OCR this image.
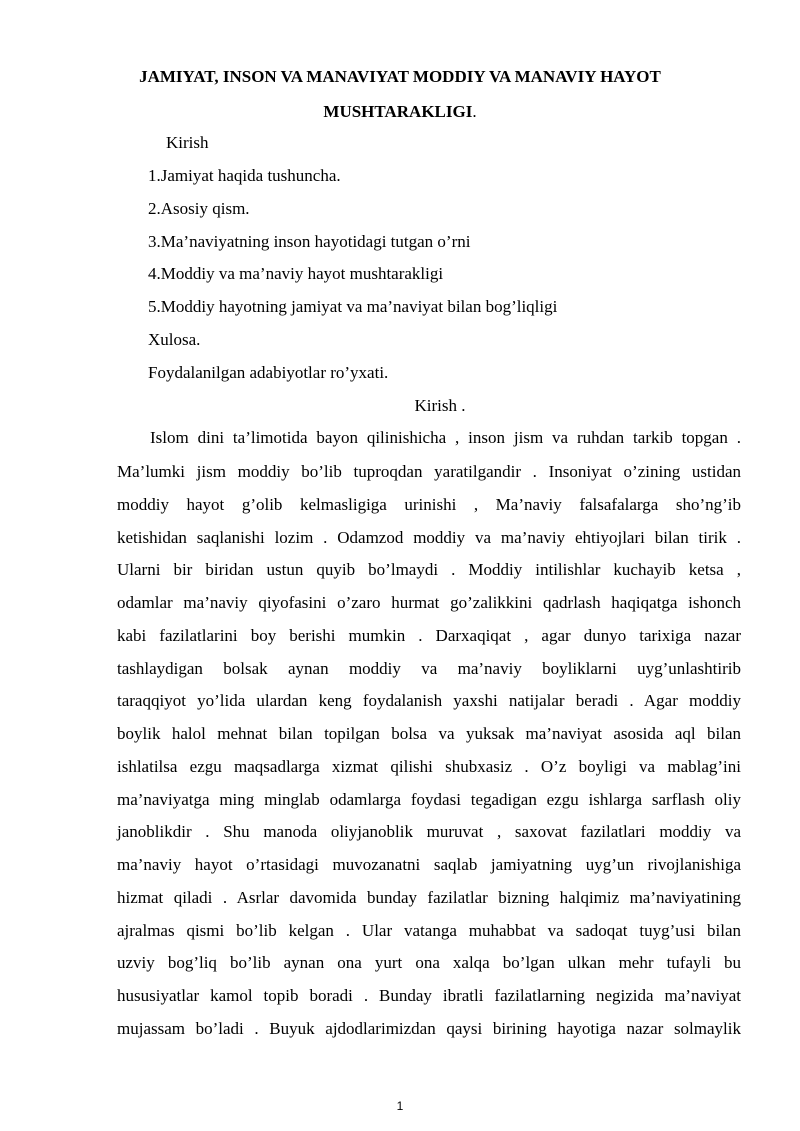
JAMIYAT, INSON VA MANAVIYAT MODDIY VA MANAVIY HAYOT
MUSHTARAKLIGI.
Kirish
1.Jamiyat haqida tushuncha.
2.Asosiy qism.
3.Ma’naviyatning inson hayotidagi tutgan o’rni
4.Moddiy va ma’naviy hayot mushtarakligi
5.Moddiy hayotning jamiyat va ma’naviyat bilan bog’liqligi
Xulosa.
Foydalanilgan adabiyotlar ro’yxati.
Kirish .
Islom dini ta’limotida bayon qilinishicha , inson jism va ruhdan tarkib topgan .
Ma’lumki jism moddiy bo’lib tuproqdan yaratilgandir . Insoniyat o’zining ustidan
moddiy hayot g’olib kelmasligiga urinishi , Ma’naviy falsafalarga sho’ng’ib
ketishidan saqlanishi lozim . Odamzod moddiy va ma’naviy ehtiyojlari bilan tirik .
Ularni bir biridan ustun quyib bo’lmaydi . Moddiy intilishlar kuchayib ketsa ,
odamlar ma’naviy qiyofasini o’zaro hurmat go’zalikkini qadrlash haqiqatga ishonch
kabi fazilatlarini boy berishi mumkin . Darxaqiqat , agar dunyo tarixiga nazar
tashlaydigan bolsak aynan moddiy va ma’naviy boyliklarni uyg’unlashtirib
taraqqiyot yo’lida ulardan keng foydalanish yaxshi natijalar beradi . Agar moddiy
boylik halol mehnat bilan topilgan bolsa va yuksak ma’naviyat asosida aql bilan
ishlatilsa ezgu maqsadlarga xizmat qilishi shubxasiz . O’z boyligi va mablag’ini
ma’naviyatga ming minglab odamlarga foydasi tegadigan ezgu ishlarga sarflash oliy
janoblikdir . Shu manoda oliyjanoblik muruvat , saxovat fazilatlari moddiy va
ma’naviy hayot o’rtasidagi muvozanatni saqlab jamiyatning uyg’un rivojlanishiga
hizmat qiladi . Asrlar davomida bunday fazilatlar bizning halqimiz ma’naviyatining
ajralmas qismi bo’lib kelgan . Ular vatanga muhabbat va sadoqat tuyg’usi bilan
uzviy bog’liq bo’lib aynan ona yurt ona xalqa bo’lgan ulkan mehr tufayli bu
hususiyatlar kamol topib boradi . Bunday ibratli fazilatlarning negizida ma’naviyat
mujassam bo’ladi . Buyuk ajdodlarimizdan qaysi birining hayotiga nazar solmaylik
1
